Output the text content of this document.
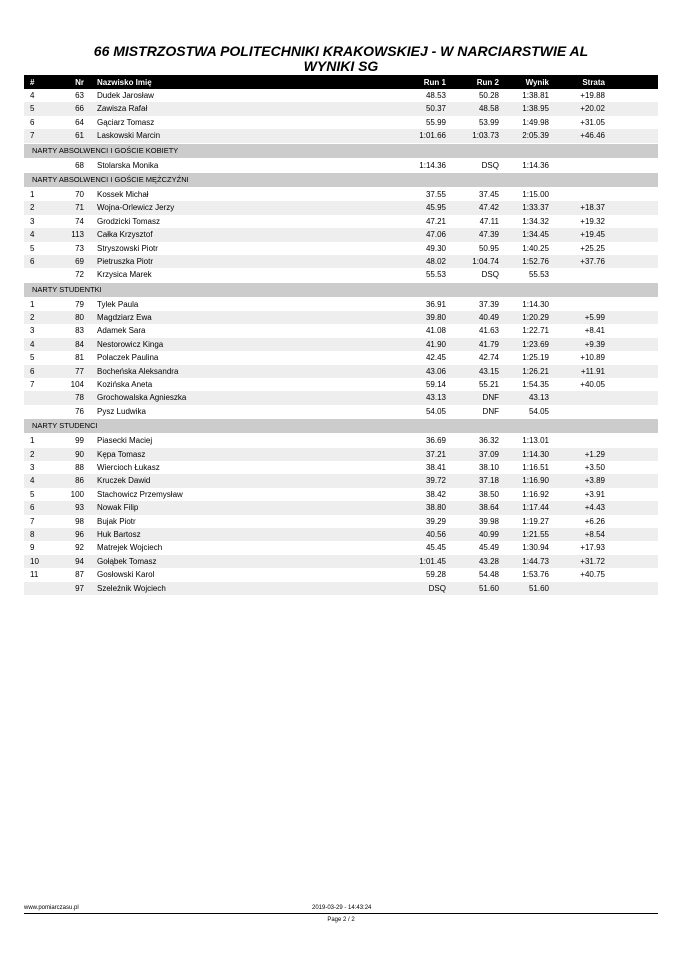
66 MISTRZOSTWA POLITECHNIKI KRAKOWSKIEJ - W NARCIARSTWIE AL
WYNIKI SG
#	Nr Nazwisko Imię	Run 1	Run 2	Wynik	Strata
4	63 Dudek Jarosław	48.53	50.28	1:38.81	+19.88
5	66 Zawisza Rafał	50.37	48.58	1:38.95	+20.02
6	64 Gąciarz Tomasz	55.99	53.99	1:49.98	+31.05
7	61 Laskowski Marcin	1:01.66	1:03.73	2:05.39	+46.46
NARTY ABSOLWENCI I GOŚCIE KOBIETY
68 Stolarska Monika	1:14.36	DSQ	1:14.36
NARTY ABSOLWENCI I GOŚCIE MĘŻCZYŹNI
1	70 Kossek Michał	37.55	37.45	1:15.00
2	71 Wojna-Orlewicz Jerzy	45.95	47.42	1:33.37	+18.37
3	74 Grodzicki Tomasz	47.21	47.11	1:34.32	+19.32
4	113 Całka Krzysztof	47.06	47.39	1:34.45	+19.45
5	73 Stryszowski Piotr	49.30	50.95	1:40.25	+25.25
6	69 Pietruszka Piotr	48.02	1:04.74	1:52.76	+37.76
72 Krzysica Marek	55.53	DSQ	55.53
NARTY STUDENTKI
1	79 Tylek Paula	36.91	37.39	1:14.30
2	80 Magdziarz Ewa	39.80	40.49	1:20.29	+5.99
3	83 Adamek Sara	41.08	41.63	1:22.71	+8.41
4	84 Nestorowicz Kinga	41.90	41.79	1:23.69	+9.39
5	81 Polaczek Paulina	42.45	42.74	1:25.19	+10.89
6	77 Bocheńska Aleksandra	43.06	43.15	1:26.21	+11.91
7	104 Kozińska Aneta	59.14	55.21	1:54.35	+40.05
78 Grochowalska Agnieszka	43.13	DNF	43.13
76 Pysz Ludwika	54.05	DNF	54.05
NARTY STUDENCI
1	99 Piasecki Maciej	36.69	36.32	1:13.01
2	90 Kępa Tomasz	37.21	37.09	1:14.30	+1.29
3	88 Wiercioch Łukasz	38.41	38.10	1:16.51	+3.50
4	86 Kruczek Dawid	39.72	37.18	1:16.90	+3.89
5	100 Stachowicz Przemysław	38.42	38.50	1:16.92	+3.91
6	93 Nowak Filip	38.80	38.64	1:17.44	+4.43
7	98 Bujak Piotr	39.29	39.98	1:19.27	+6.26
8	96 Huk Bartosz	40.56	40.99	1:21.55	+8.54
9	92 Matrejek Wojciech	45.45	45.49	1:30.94	+17.93
10	94 Gołąbek Tomasz	1:01.45	43.28	1:44.73	+31.72
11	87 Gosłowski Karol	59.28	54.48	1:53.76	+40.75
97 Szeleźnik Wojciech	DSQ	51.60	51.60
www.pomiarczasu.pl	2019-03-29 - 14:43:24
Page 2 / 2
